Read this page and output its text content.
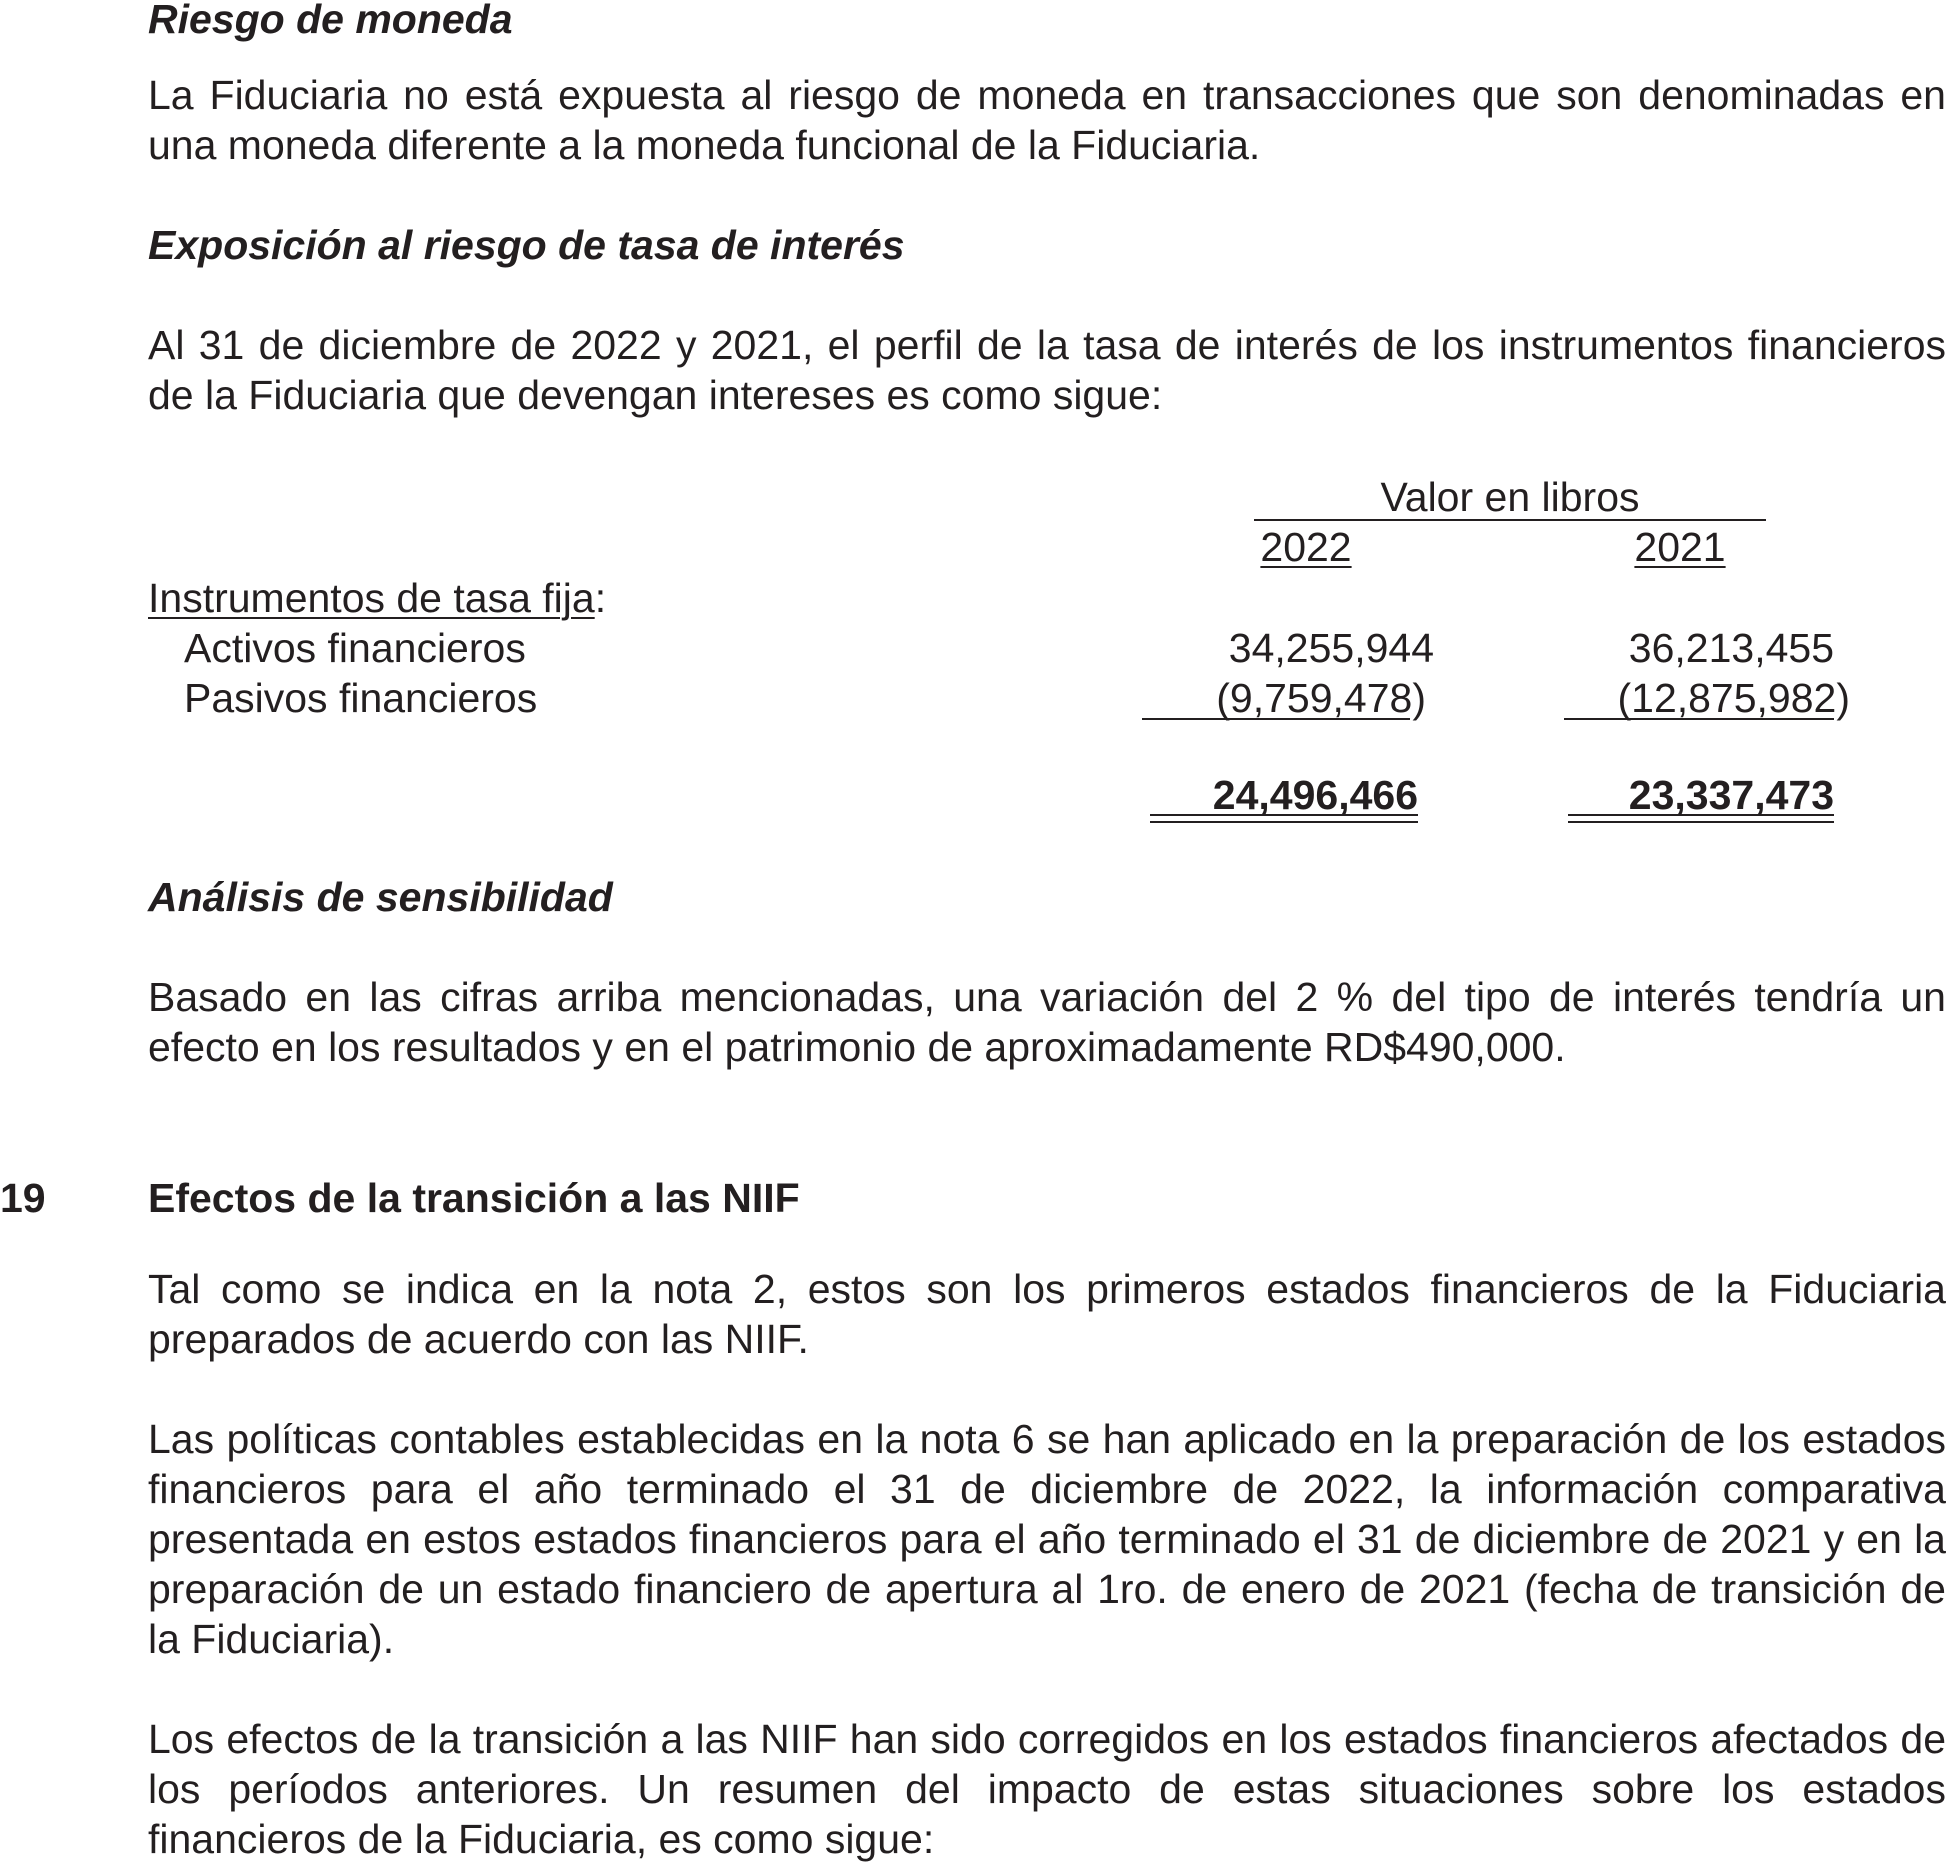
Riesgo de moneda
La Fiduciaria no está expuesta al riesgo de moneda en transacciones que son denominadas en una moneda diferente a la moneda funcional de la Fiduciaria.
Exposición al riesgo de tasa de interés
Al 31 de diciembre de 2022 y 2021, el perfil de la tasa de interés de los instrumentos financieros de la Fiduciaria que devengan intereses es como sigue:
Valor en libros
2022	2021
Instrumentos de tasa fija:
Activos financieros	34,255,944	36,213,455
Pasivos financieros	(9,759,478)	(12,875,982)
24,496,466	23,337,473
Análisis de sensibilidad
Basado en las cifras arriba mencionadas, una variación del 2 % del tipo de interés tendría un efecto en los resultados y en el patrimonio de aproximadamente RD$490,000.
19 Efectos de la transición a las NIIF
Tal como se indica en la nota 2, estos son los primeros estados financieros de la Fiduciaria preparados de acuerdo con las NIIF.
Las políticas contables establecidas en la nota 6 se han aplicado en la preparación de los estados financieros para el año terminado el 31 de diciembre de 2022, la información comparativa presentada en estos estados financieros para el año terminado el 31 de diciembre de 2021 y en la preparación de un estado financiero de apertura al 1ro. de enero de 2021 (fecha de transición de la Fiduciaria).
Los efectos de la transición a las NIIF han sido corregidos en los estados financieros afectados de los períodos anteriores. Un resumen del impacto de estas situaciones sobre los estados financieros de la Fiduciaria, es como sigue:
